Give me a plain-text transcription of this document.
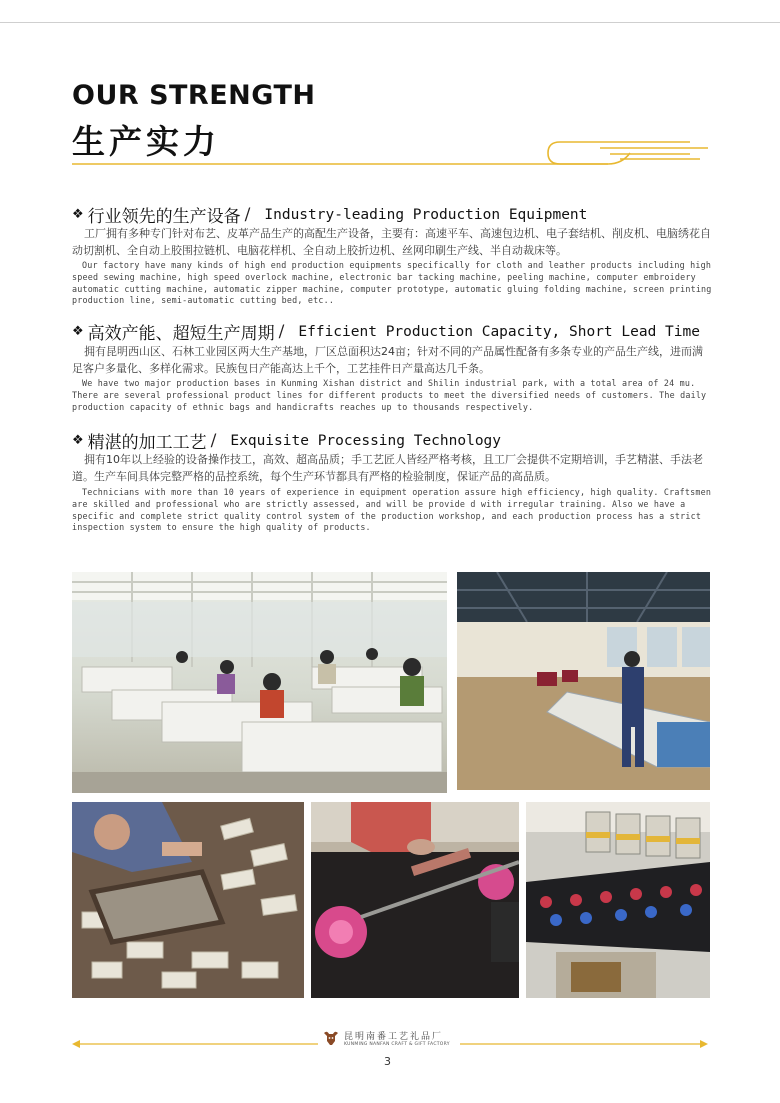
OUR STRENGTH
生产实力
❖ 行业领先的生产设备 / Industry-leading Production Equipment

工厂拥有多种专门针对布艺、皮革产品生产的高配生产设备，主要有：高速平车、高速包边机、电子套结机、削皮机、电脑绣花自动切割机、全自动上胶围拉链机、电脑花样机、全自动上胶折边机、丝网印刷生产线、半自动裁床等。

Our factory have many kinds of high end production equipments specifically for cloth and leather products including high speed sewing machine, high speed overlock machine, electronic bar tacking machine, peeling machine, computer embroidery automatic cutting machine, automatic zipper machine, computer prototype, automatic gluing folding machine, screen printing production line, semi-automatic cutting bed, etc..

❖ 高效产能、超短生产周期 / Efficient Production Capacity, Short Lead Time

拥有昆明西山区、石林工业园区两大生产基地，厂区总面积达24亩；针对不同的产品属性配备有多条专业的产品生产线，进而满足客户多量化、多样化需求。民族包日产能高达上千个，工艺挂件日产量高达几千条。

We have two major production bases in Kunming Xishan district and Shilin industrial park, with a total area of 24 mu. There are several professional product lines for different products to meet the diversified needs of customers. The daily production capacity of ethnic bags and handicrafts reaches up to thousands respectively.

❖ 精湛的加工工艺 / Exquisite Processing Technology

拥有10年以上经验的设备操作技工，高效、超高品质；手工艺匠人皆经严格考核，且工厂会提供不定期培训，手艺精湛、手法老道。生产车间具体完整严格的品控系统，每个生产环节都具有严格的检验制度，保证产品的高品质。

Technicians with more than 10 years of experience in equipment operation assure high efficiency, high quality. Craftsmen are skilled and professional who are strictly assessed, and will be provide d with irregular training. Also we have a specific and complete strict quality control system of the production workshop, and each production process has a strict inspection system to ensure the high quality of products.

昆明南番工艺礼品厂
KUNMING NANFAN CRAFT & GIFT FACTORY
3
